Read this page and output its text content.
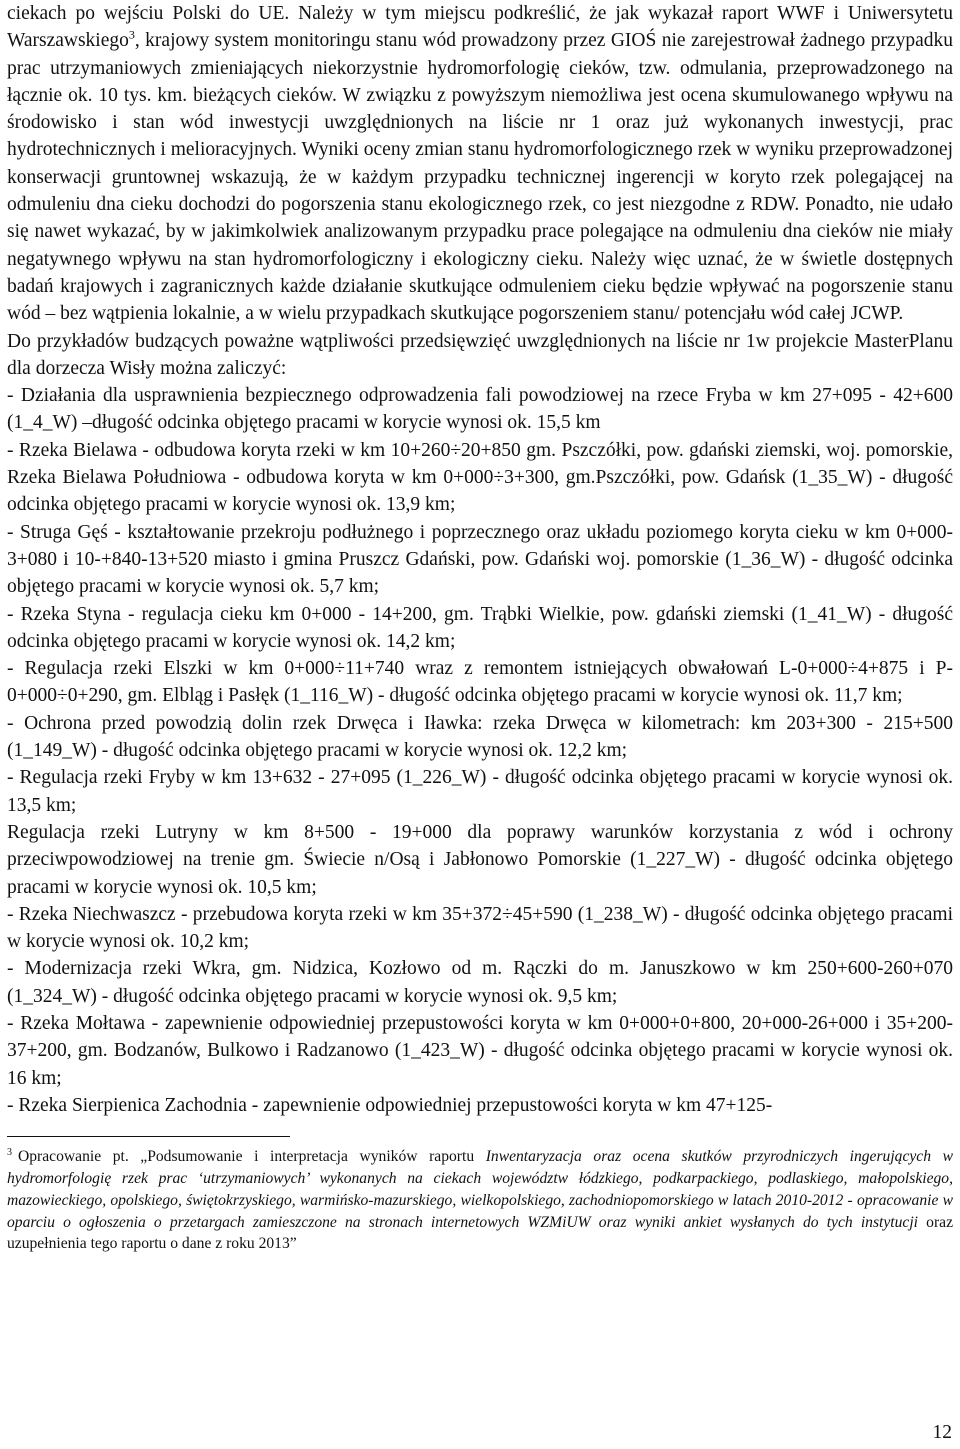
ciekach po wejściu Polski do UE. Należy w tym miejscu podkreślić, że jak wykazał raport WWF i Uniwersytetu Warszawskiego$^3$, krajowy system monitoringu stanu wód prowadzony przez GIOŚ nie zarejestrował żadnego przypadku prac utrzymaniowych zmieniających niekorzystnie hydromorfologię cieków, tzw. odmulania, przeprowadzonego na łącznie ok. 10 tys. km. bieżących cieków. W związku z powyższym niemożliwa jest ocena skumulowanego wpływu na środowisko i stan wód inwestycji uwzględnionych na liście nr 1 oraz już wykonanych inwestycji, prac hydrotechnicznych i melioracyjnych. Wyniki oceny zmian stanu hydromorfologicznego rzek w wyniku przeprowadzonej konserwacji gruntownej wskazują, że w każdym przypadku technicznej ingerencji w koryto rzek polegającej na odmuleniu dna cieku dochodzi do pogorszenia stanu ekologicznego rzek, co jest niezgodne z RDW. Ponadto, nie udało się nawet wykazać, by w jakimkolwiek analizowanym przypadku prace polegające na odmuleniu dna cieków nie miały negatywnego wpływu na stan hydromorfologiczny i ekologiczny cieku. Należy więc uznać, że w świetle dostępnych badań krajowych i zagranicznych każde działanie skutkujące odmuleniem cieku będzie wpływać na pogorszenie stanu wód – bez wątpienia lokalnie, a w wielu przypadkach skutkujące pogorszeniem stanu/ potencjału wód całej JCWP.

Do przykładów budzących poważne wątpliwości przedsięwzięć uwzględnionych na liście nr 1w projekcie MasterPlanu dla dorzecza Wisły można zaliczyć:

- Działania dla usprawnienia bezpiecznego odprowadzenia fali powodziowej na rzece Fryba w km 27+095 - 42+600 (1_4_W) –długość odcinka objętego pracami w korycie wynosi ok. 15,5 km

- Rzeka Bielawa - odbudowa koryta rzeki w km 10+260÷20+850 gm. Pszczółki, pow. gdański ziemski, woj. pomorskie, Rzeka Bielawa Południowa - odbudowa koryta w km 0+000÷3+300, gm.Pszczółki, pow. Gdańsk (1_35_W) - długość odcinka objętego pracami w korycie wynosi ok. 13,9 km;

- Struga Gęś - kształtowanie przekroju podłużnego i poprzecznego oraz układu poziomego koryta cieku w km 0+000-3+080 i 10-+840-13+520 miasto i gmina Pruszcz Gdański, pow. Gdański woj. pomorskie (1_36_W) - długość odcinka objętego pracami w korycie wynosi ok. 5,7 km;

- Rzeka Styna - regulacja cieku km 0+000 - 14+200, gm. Trąbki Wielkie, pow. gdański ziemski (1_41_W) - długość odcinka objętego pracami w korycie wynosi ok. 14,2 km;

- Regulacja rzeki Elszki w km 0+000÷11+740 wraz z remontem istniejących obwałowań L-0+000÷4+875 i P-0+000÷0+290, gm. Elbląg i Pasłęk (1_116_W) - długość odcinka objętego pracami w korycie wynosi ok. 11,7 km;

- Ochrona przed powodzią dolin rzek Drwęca i Iławka: rzeka Drwęca w kilometrach: km 203+300 - 215+500 (1_149_W) - długość odcinka objętego pracami w korycie wynosi ok. 12,2 km;

- Regulacja rzeki Fryby w km 13+632 - 27+095 (1_226_W) - długość odcinka objętego pracami w korycie wynosi ok. 13,5 km;

Regulacja rzeki Lutryny w km 8+500 - 19+000 dla poprawy warunków korzystania z wód i ochrony przeciwpowodziowej na trenie gm. Świecie n/Osą i Jabłonowo Pomorskie (1_227_W) - długość odcinka objętego pracami w korycie wynosi ok. 10,5 km;

- Rzeka Niechwaszcz - przebudowa koryta rzeki w km 35+372÷45+590 (1_238_W) - długość odcinka objętego pracami w korycie wynosi ok. 10,2 km;

- Modernizacja rzeki Wkra, gm. Nidzica, Kozłowo od m. Rączki do m. Januszkowo w km 250+600-260+070 (1_324_W) - długość odcinka objętego pracami w korycie wynosi ok. 9,5 km;

- Rzeka Mołtawa - zapewnienie odpowiedniej przepustowości koryta w km 0+000+0+800, 20+000-26+000 i 35+200-37+200, gm. Bodzanów, Bulkowo i Radzanowo (1_423_W) - długość odcinka objętego pracami w korycie wynosi ok. 16 km;

- Rzeka Sierpienica Zachodnia - zapewnienie odpowiedniej przepustowości koryta w km 47+125-

$^3$ Opracowanie pt. „Podsumowanie i interpretacja wyników raportu Inwentaryzacja oraz ocena skutków przyrodniczych ingerujących w hydromorfologię rzek prac ‘utrzymaniowych’ wykonanych na ciekach województw łódzkiego, podkarpackiego, podlaskiego, małopolskiego, mazowieckiego, opolskiego, świętokrzyskiego, warmińsko-mazurskiego, wielkopolskiego, zachodniopomorskiego w latach 2010-2012 - opracowanie w oparciu o ogłoszenia o przetargach zamieszczone na stronach internetowych WZMiUW oraz wyniki ankiet wysłanych do tych instytucji oraz uzupełnienia tego raportu o dane z roku 2013”

12
